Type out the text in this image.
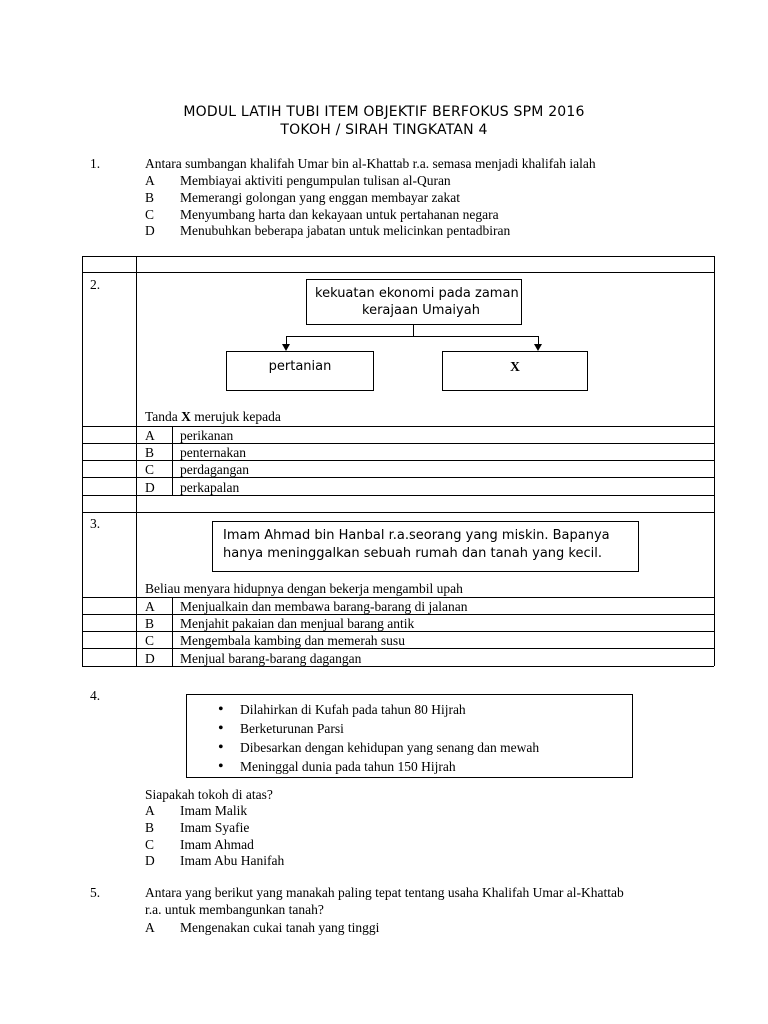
MODUL LATIH TUBI ITEM OBJEKTIF BERFOKUS SPM 2016
TOKOH / SIRAH TINGKATAN 4
1.	Antara sumbangan khalifah Umar bin al-Khattab r.a. semasa menjadi khalifah ialah
A Membiayai aktiviti pengumpulan tulisan al-Quran
B Memerangi golongan yang enggan membayar zakat
C Menyumbang harta dan kekayaan untuk pertahanan negara
D Menubuhkan beberapa jabatan untuk melicinkan pentadbiran
2.
kekuatan ekonomi pada zaman
kerajaan Umaiyah
pertanian	X
Tanda X merujuk kepada
A perikanan
B penternakan
C perdagangan
D perkapalan
3.
Imam Ahmad bin Hanbal r.a.seorang yang miskin. Bapanya
hanya meninggalkan sebuah rumah dan tanah yang kecil.
Beliau menyara hidupnya dengan bekerja mengambil upah
A Menjualkain dan membawa barang-barang di jalanan
B Menjahit pakaian dan menjual barang antik
C Mengembala kambing dan memerah susu
D Menjual barang-barang dagangan
4.
• Dilahirkan di Kufah pada tahun 80 Hijrah
• Berketurunan Parsi
• Dibesarkan dengan kehidupan yang senang dan mewah
• Meninggal dunia pada tahun 150 Hijrah
Siapakah tokoh di atas?
A Imam Malik
B Imam Syafie
C Imam Ahmad
D Imam Abu Hanifah
5.	Antara yang berikut yang manakah paling tepat tentang usaha Khalifah Umar al-Khattab
r.a. untuk membangunkan tanah?
A Mengenakan cukai tanah yang tinggi
